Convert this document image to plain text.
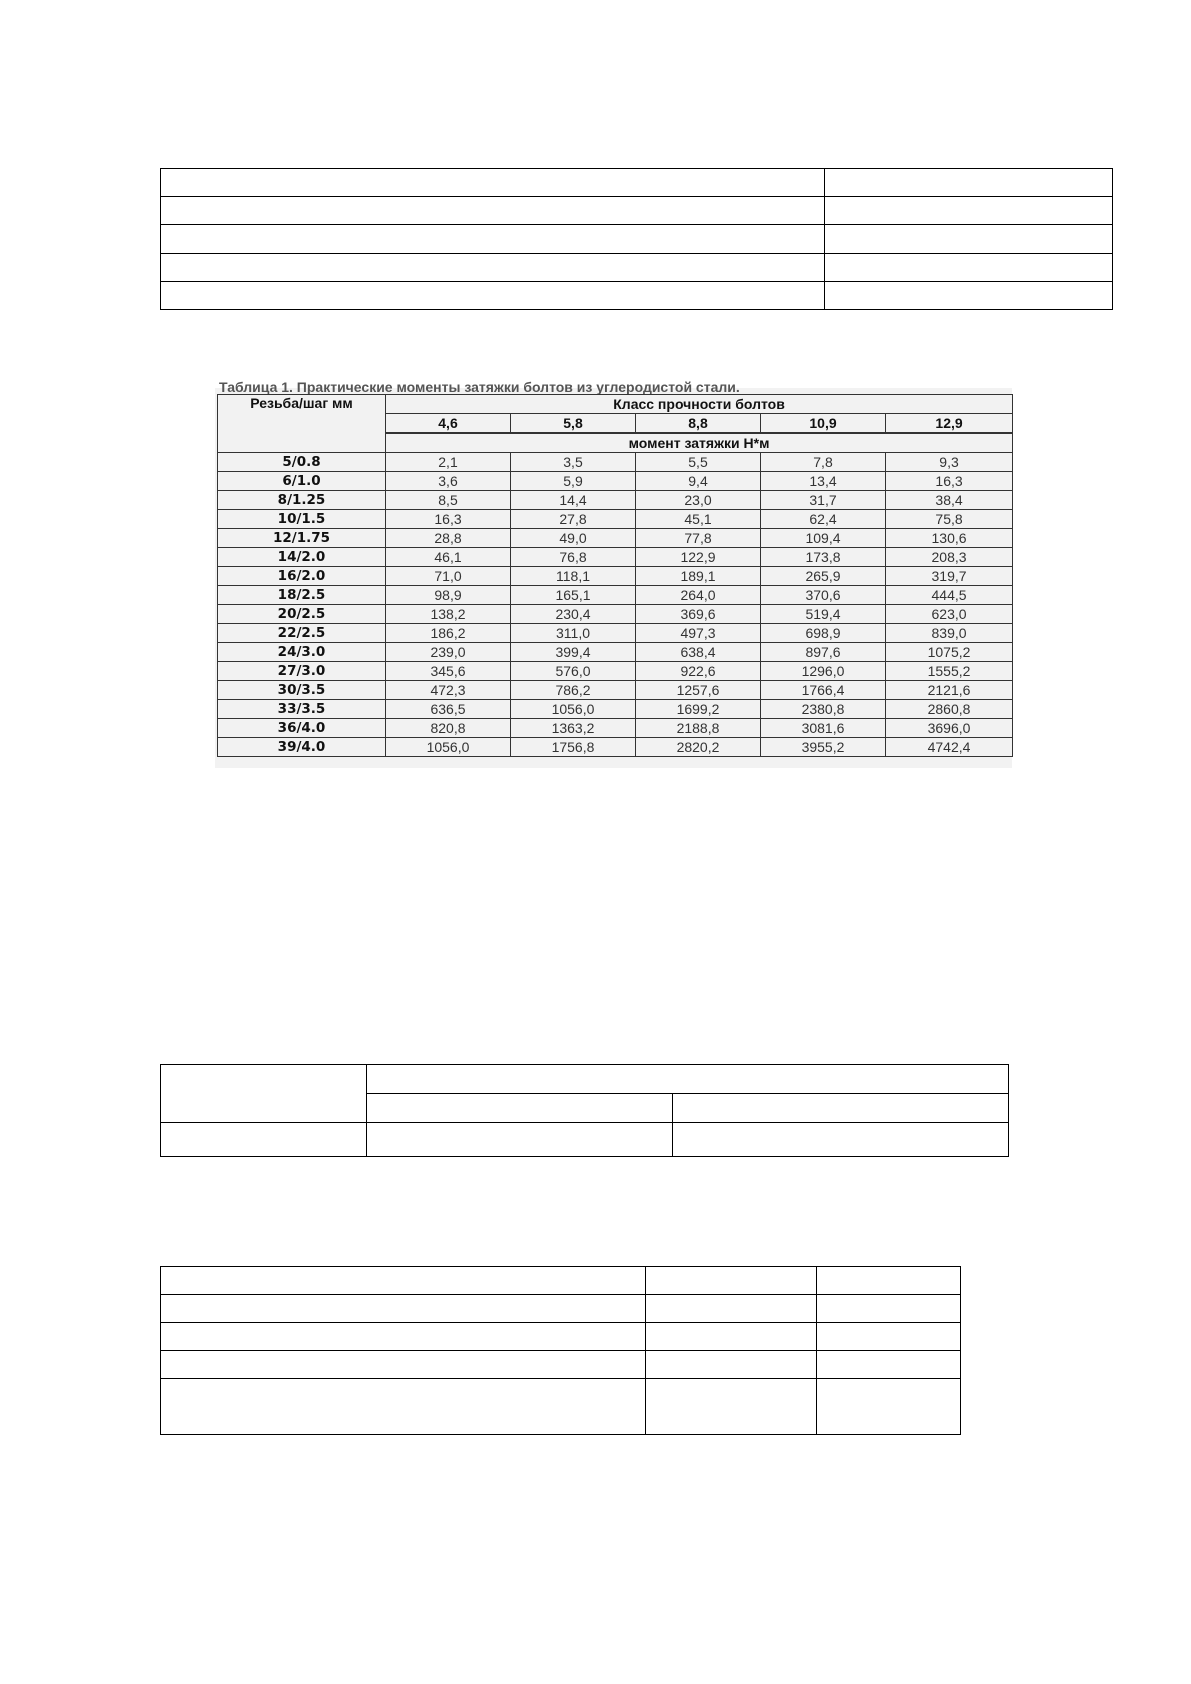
Таблица 1. Практические моменты затяжки болтов из углеродистой стали.
Резьба/шаг мм	Класс прочности болтов				
	4,6	5,8	8,8	10,9	12,9
	момент затяжки Н*м				
5/0.8	2,1	3,5	5,5	7,8	9,3
6/1.0	3,6	5,9	9,4	13,4	16,3
8/1.25	8,5	14,4	23,0	31,7	38,4
10/1.5	16,3	27,8	45,1	62,4	75,8
12/1.75	28,8	49,0	77,8	109,4	130,6
14/2.0	46,1	76,8	122,9	173,8	208,3
16/2.0	71,0	118,1	189,1	265,9	319,7
18/2.5	98,9	165,1	264,0	370,6	444,5
20/2.5	138,2	230,4	369,6	519,4	623,0
22/2.5	186,2	311,0	497,3	698,9	839,0
24/3.0	239,0	399,4	638,4	897,6	1075,2
27/3.0	345,6	576,0	922,6	1296,0	1555,2
30/3.5	472,3	786,2	1257,6	1766,4	2121,6
33/3.5	636,5	1056,0	1699,2	2380,8	2860,8
36/4.0	820,8	1363,2	2188,8	3081,6	3696,0
39/4.0	1056,0	1756,8	2820,2	3955,2	4742,4
